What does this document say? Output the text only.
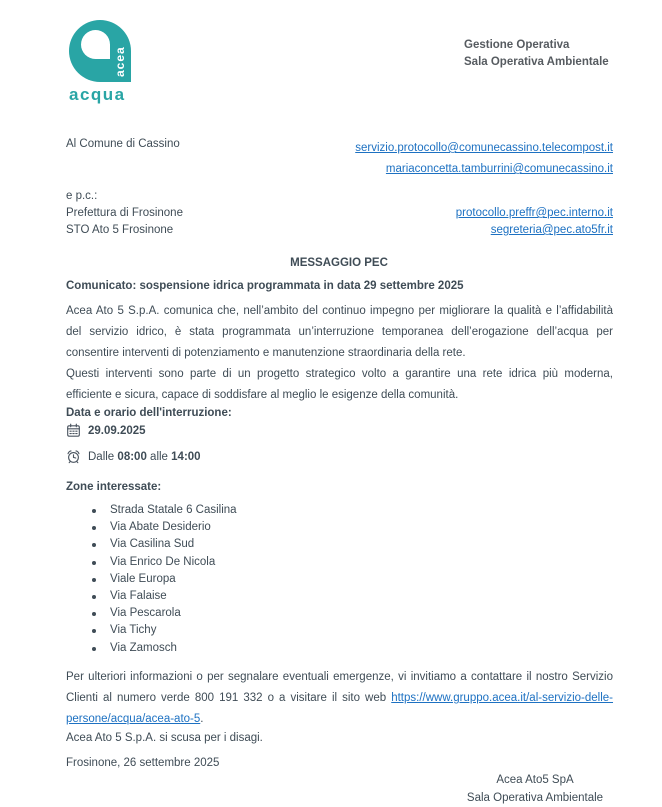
acea
acqua
Gestione Operativa
Sala Operativa Ambientale
Al Comune di Cassino	servizio.protocollo@comunecassino.telecompost.it
mariaconcetta.tamburrini@comunecassino.it
e p.c.:
Prefettura di Frosinone	protocollo.preffr@pec.interno.it
STO Ato 5 Frosinone	segreteria@pec.ato5fr.it
MESSAGGIO PEC
Comunicato: sospensione idrica programmata in data 29 settembre 2025

Acea Ato 5 S.p.A. comunica che, nell’ambito del continuo impegno per migliorare la qualità e l’affidabilità del servizio idrico, è stata programmata un’interruzione temporanea dell’erogazione dell’acqua per consentire interventi di potenziamento e manutenzione straordinaria della rete.

Questi interventi sono parte di un progetto strategico volto a garantire una rete idrica più moderna, efficiente e sicura, capace di soddisfare al meglio le esigenze della comunità.

Data e orario dell'interruzione:
29.09.2025
Dalle 08:00 alle 14:00
Zone interessate:
Strada Statale 6 Casilina
Via Abate Desiderio
Via Casilina Sud
Via Enrico De Nicola
Viale Europa
Via Falaise
Via Pescarola
Via Tichy
Via Zamosch

Per ulteriori informazioni o per segnalare eventuali emergenze, vi invitiamo a contattare il nostro Servizio Clienti al numero verde 800 191 332 o a visitare il sito web https://www.gruppo.acea.it/al-servizio-delle-persone/acqua/acea-ato-5.

Acea Ato 5 S.p.A. si scusa per i disagi.
Frosinone, 26 settembre 2025
Acea Ato5 SpA
Sala Operativa Ambientale
